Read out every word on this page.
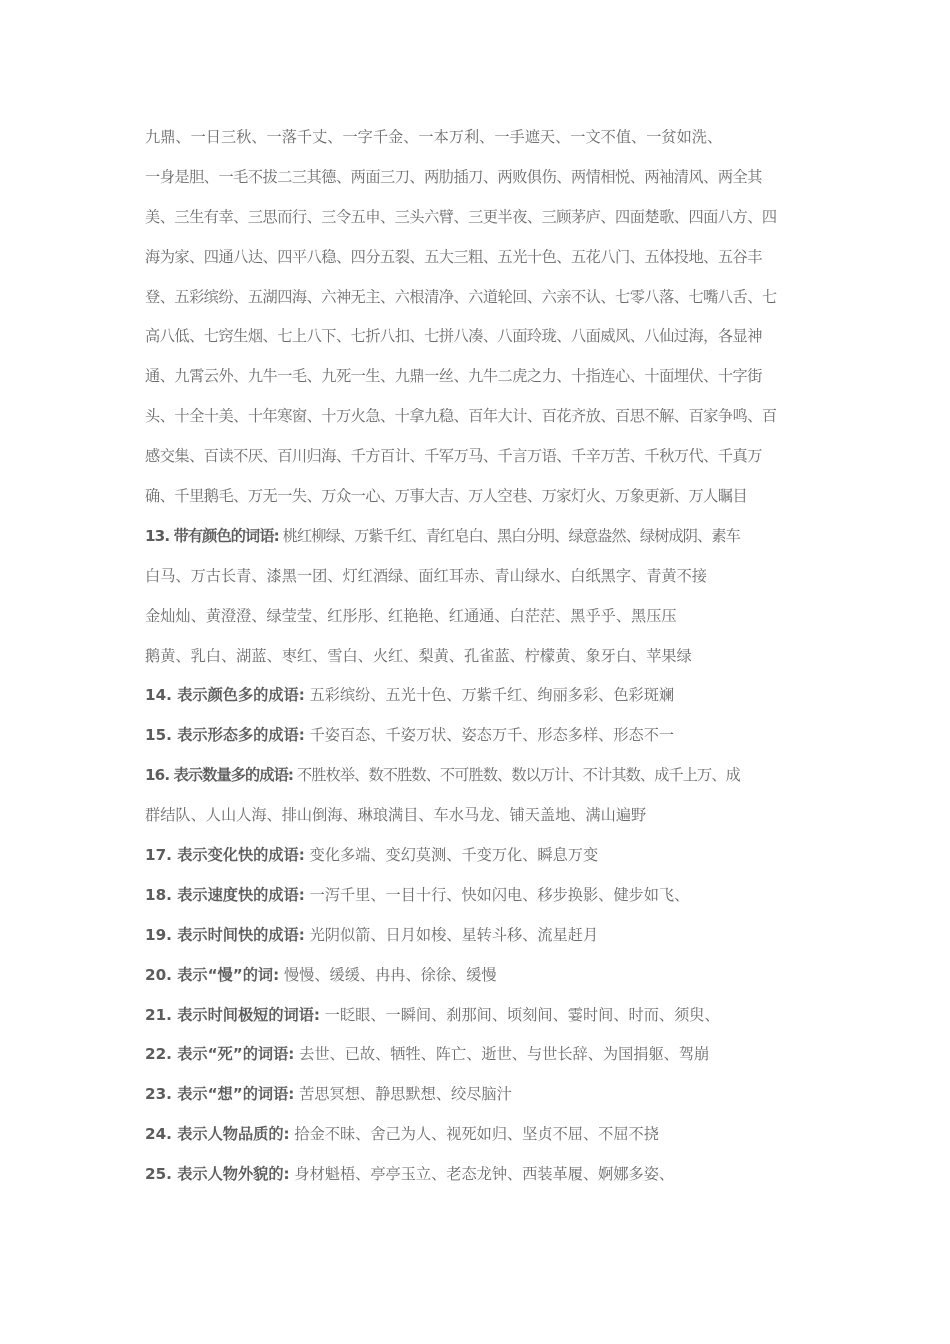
九鼎、一日三秋、一落千丈、一字千金、一本万利、一手遮天、一文不值、一贫如洗、
一身是胆、一毛不拔二三其德、两面三刀、两肋插刀、两败俱伤、两情相悦、两袖清风、两全其
美、三生有幸、三思而行、三令五申、三头六臂、三更半夜、三顾茅庐、四面楚歌、四面八方、四
海为家、四通八达、四平八稳、四分五裂、五大三粗、五光十色、五花八门、五体投地、五谷丰
登、五彩缤纷、五湖四海、六神无主、六根清净、六道轮回、六亲不认、七零八落、七嘴八舌、七
高八低、七窍生烟、七上八下、七折八扣、七拼八凑、八面玲珑、八面威风、八仙过海，各显神
通、九霄云外、九牛一毛、九死一生、九鼎一丝、九牛二虎之力、十指连心、十面埋伏、十字街
头、十全十美、十年寒窗、十万火急、十拿九稳、百年大计、百花齐放、百思不解、百家争鸣、百
感交集、百读不厌、百川归海、千方百计、千军万马、千言万语、千辛万苦、千秋万代、千真万
确、千里鹅毛、万无一失、万众一心、万事大吉、万人空巷、万家灯火、万象更新、万人瞩目
13. 带有颜色的词语: 桃红柳绿、万紫千红、青红皂白、黑白分明、绿意盎然、绿树成阴、素车
白马、万古长青、漆黑一团、灯红酒绿、面红耳赤、青山绿水、白纸黑字、青黄不接
金灿灿、黄澄澄、绿莹莹、红彤彤、红艳艳、红通通、白茫茫、黑乎乎、黑压压
鹅黄、乳白、湖蓝、枣红、雪白、火红、梨黄、孔雀蓝、柠檬黄、象牙白、苹果绿
14. 表示颜色多的成语: 五彩缤纷、五光十色、万紫千红、绚丽多彩、色彩斑斓
15. 表示形态多的成语: 千姿百态、千姿万状、姿态万千、形态多样、形态不一
16. 表示数量多的成语: 不胜枚举、数不胜数、不可胜数、数以万计、不计其数、成千上万、成
群结队、人山人海、排山倒海、琳琅满目、车水马龙、铺天盖地、满山遍野
17. 表示变化快的成语: 变化多端、变幻莫测、千变万化、瞬息万变
18. 表示速度快的成语: 一泻千里、一目十行、快如闪电、移步换影、健步如飞、
19. 表示时间快的成语: 光阴似箭、日月如梭、星转斗移、流星赶月
20. 表示“慢”的词: 慢慢、缓缓、冉冉、徐徐、缓慢
21. 表示时间极短的词语: 一眨眼、一瞬间、刹那间、顷刻间、霎时间、时而、须臾、
22. 表示“死”的词语: 去世、已故、牺牲、阵亡、逝世、与世长辞、为国捐躯、驾崩
23. 表示“想”的词语: 苦思冥想、静思默想、绞尽脑汁
24. 表示人物品质的: 拾金不昧、舍己为人、视死如归、坚贞不屈、不屈不挠
25. 表示人物外貌的: 身材魁梧、亭亭玉立、老态龙钟、西装革履、婀娜多姿、
